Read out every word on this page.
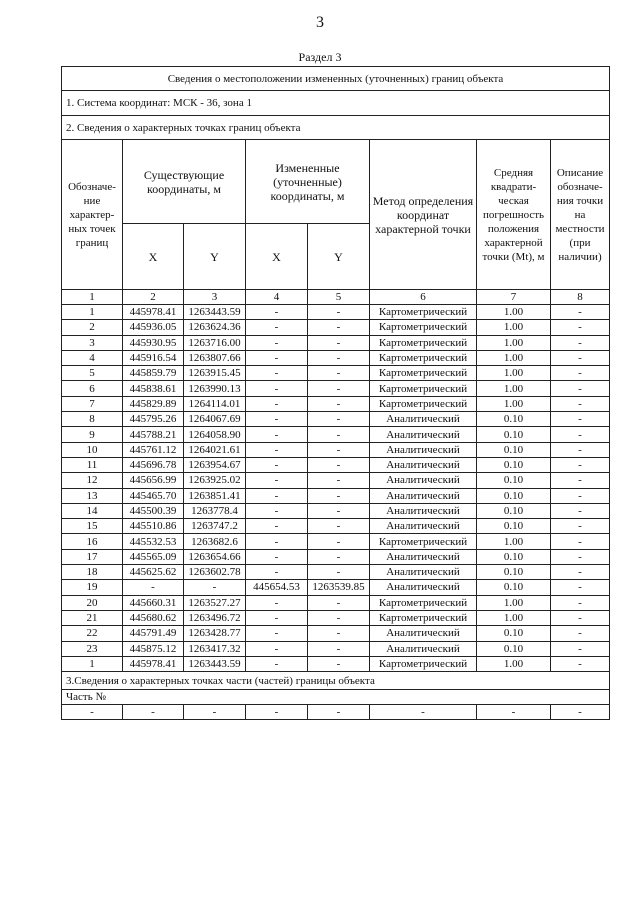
3
Раздел 3
Сведения о местоположении измененных (уточненных) границ объекта							
1. Система координат: МСК - 36, зона 1							
2. Сведения о характерных точках границ объекта							
Обозначе-ние характер-ных точек границ	Существующие координаты, м		Измененные (уточненные) координаты, м		Метод определения координат характерной точки	Средняя квадрати-ческая погрешность положения характерной точки (Mt), м	Описание обозначе-ния точки на местности (при наличии)
	X	Y	X	Y			
1	2	3	4	5	6	7	8
1	445978.41	1263443.59	-	-	Картометрический	1.00	-
2	445936.05	1263624.36	-	-	Картометрический	1.00	-
3	445930.95	1263716.00	-	-	Картометрический	1.00	-
4	445916.54	1263807.66	-	-	Картометрический	1.00	-
5	445859.79	1263915.45	-	-	Картометрический	1.00	-
6	445838.61	1263990.13	-	-	Картометрический	1.00	-
7	445829.89	1264114.01	-	-	Картометрический	1.00	-
8	445795.26	1264067.69	-	-	Аналитический	0.10	-
9	445788.21	1264058.90	-	-	Аналитический	0.10	-
10	445761.12	1264021.61	-	-	Аналитический	0.10	-
11	445696.78	1263954.67	-	-	Аналитический	0.10	-
12	445656.99	1263925.02	-	-	Аналитический	0.10	-
13	445465.70	1263851.41	-	-	Аналитический	0.10	-
14	445500.39	1263778.4	-	-	Аналитический	0.10	-
15	445510.86	1263747.2	-	-	Аналитический	0.10	-
16	445532.53	1263682.6	-	-	Картометрический	1.00	-
17	445565.09	1263654.66	-	-	Аналитический	0.10	-
18	445625.62	1263602.78	-	-	Аналитический	0.10	-
19	-	-	445654.53	1263539.85	Аналитический	0.10	-
20	445660.31	1263527.27	-	-	Картометрический	1.00	-
21	445680.62	1263496.72	-	-	Картометрический	1.00	-
22	445791.49	1263428.77	-	-	Аналитический	0.10	-
23	445875.12	1263417.32	-	-	Аналитический	0.10	-
1	445978.41	1263443.59	-	-	Картометрический	1.00	-
3.Сведения о характерных точках части (частей) границы объекта							
Часть №							
-	-	-	-	-	-	-	-
